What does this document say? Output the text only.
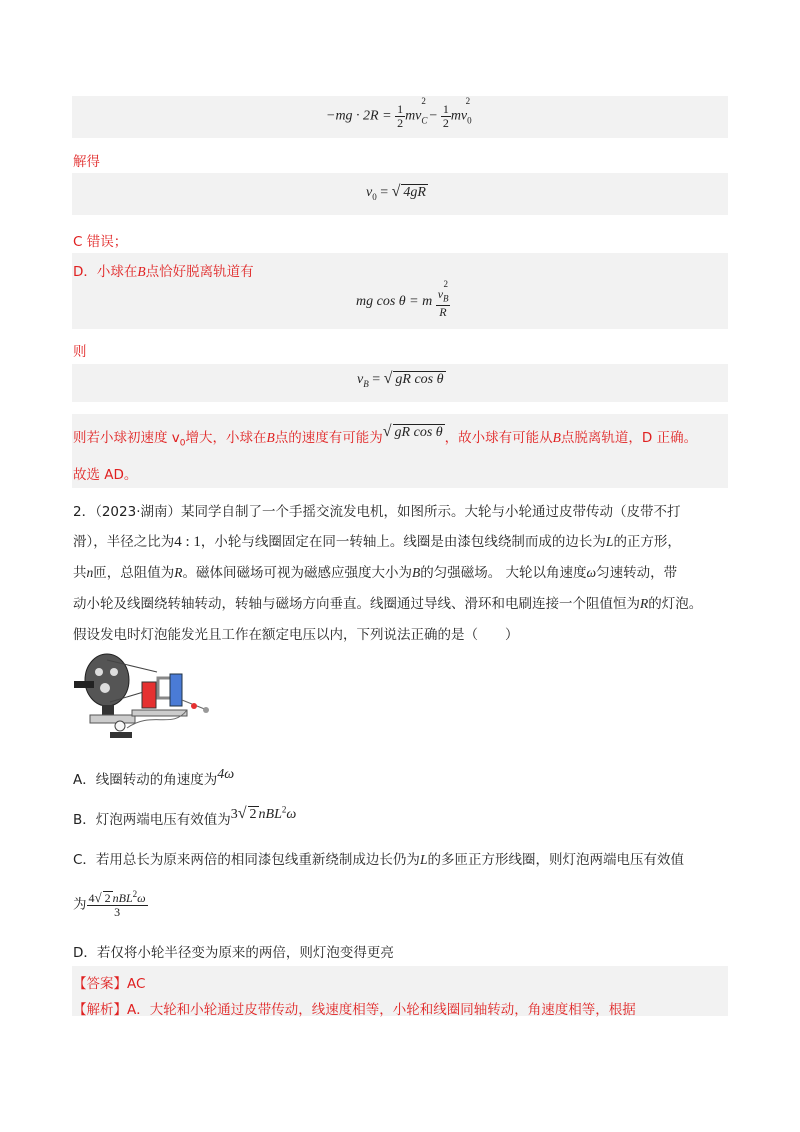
$-mg \cdot 2R = \frac{1}{2} mv_C^2 - \frac{1}{2} mv_0^2$
解得
$v_0$ = √ 4gR
C 错误；
D．小球在B点恰好脱离轨道有
mg cos θ = m $\frac{v_B^2}{R}$
则
$v_B$ = √ gR cos θ
则若小球初速度 $v_0$增大，小球在B点的速度有可能为√ gR cos θ ，故小球有可能从B点脱离轨道，D 正确。
故选 AD。
2．（2023·湖南）某同学自制了一个手摇交流发电机，如图所示。大轮与小轮通过皮带传动（皮带不打
滑），半径之比为4 : 1，小轮与线圈固定在同一转轴上。线圈是由漆包线绕制而成的边长为L的正方形，
共n匝，总阻值为R。磁体间磁场可视为磁感应强度大小为B的匀强磁场。 大轮以角速度ω匀速转动，带
动小轮及线圈绕转轴转动，转轴与磁场方向垂直。线圈通过导线、滑环和电刷连接一个阻值恒为R的灯泡。
假设发电时灯泡能发光且工作在额定电压以内，下列说法正确的是（　　）
A．线圈转动的角速度为4ω
B．灯泡两端电压有效值为3√ 2 nBL$^2$ω
C．若用总长为原来两倍的相同漆包线重新绕制成边长仍为L的多匝正方形线圈，则灯泡两端电压有效值
为 $\frac{4√ 2 nBL^2\omega}{3}$
D．若仅将小轮半径变为原来的两倍，则灯泡变得更亮
【答案】AC
【解析】A．大轮和小轮通过皮带传动，线速度相等，小轮和线圈同轴转动，角速度相等，根据
